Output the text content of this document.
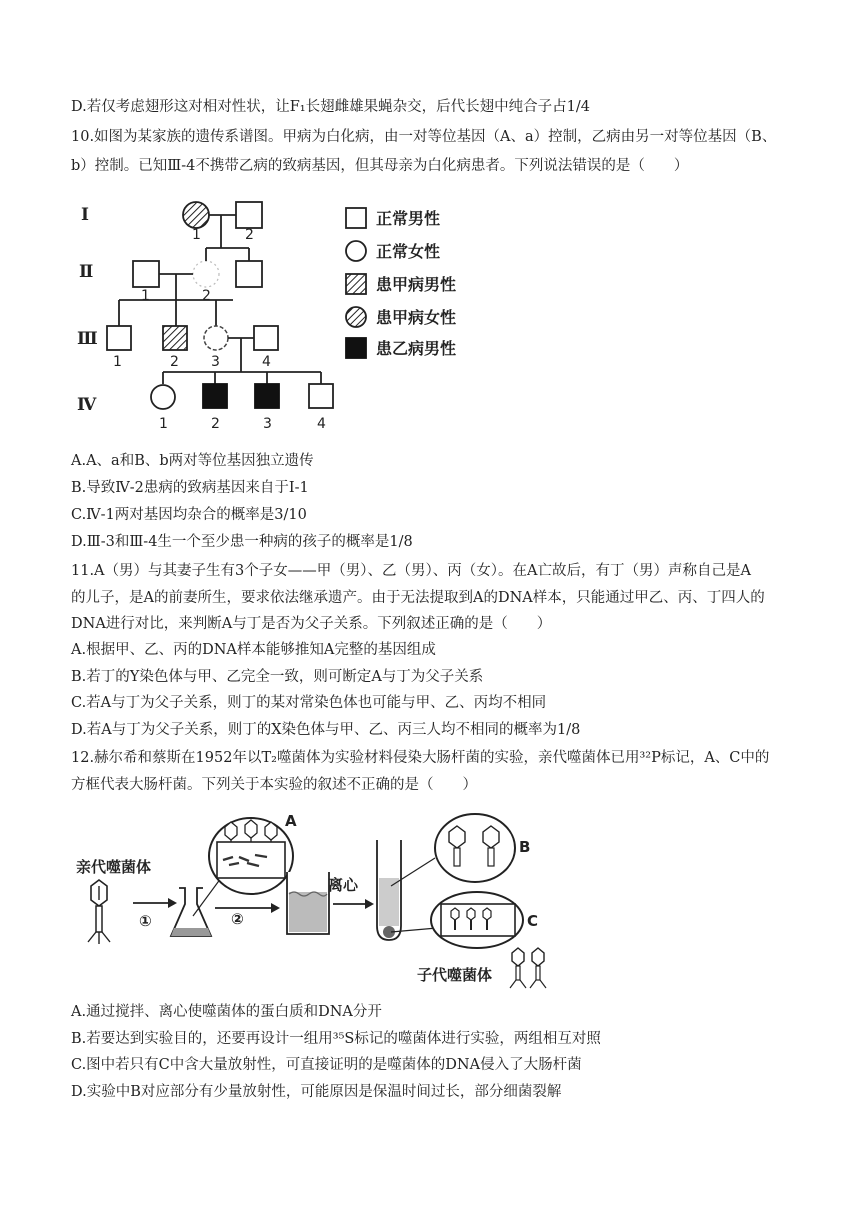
D.若仅考虑翅形这对相对性状，让F₁长翅雌雄果蝇杂交，后代长翅中纯合子占1/4
10.如图为某家族的遗传系谱图。甲病为白化病，由一对等位基因（A、a）控制，乙病由另一对等位基因（B、
b）控制。已知Ⅲ-4不携带乙病的致病基因，但其母亲为白化病患者。下列说法错误的是（　　）
Ⅰ
Ⅱ
Ⅲ
Ⅳ
1	2
1	2
1	2 3	4
1	2	3	4
正常男性
正常女性
患甲病男性
患甲病女性
患乙病男性
A.A、a和B、b两对等位基因独立遗传
B.导致Ⅳ-2患病的致病基因来自于Ⅰ-1
C.Ⅳ-1两对基因均杂合的概率是3/10
D.Ⅲ-3和Ⅲ-4生一个至少患一种病的孩子的概率是1/8
11.A（男）与其妻子生有3个子女——甲（男）、乙（男）、丙（女）。在A亡故后，有丁（男）声称自己是A
的儿子，是A的前妻所生，要求依法继承遗产。由于无法提取到A的DNA样本，只能通过甲乙、丙、丁四人的
DNA进行对比，来判断A与丁是否为父子关系。下列叙述正确的是（　　）
A.根据甲、乙、丙的DNA样本能够推知A完整的基因组成
B.若丁的Y染色体与甲、乙完全一致，则可断定A与丁为父子关系
C.若A与丁为父子关系，则丁的某对常染色体也可能与甲、乙、丙均不相同
D.若A与丁为父子关系，则丁的X染色体与甲、乙、丙三人均不相同的概率为1/8
12.赫尔希和蔡斯在1952年以T₂噬菌体为实验材料侵染大肠杆菌的实验，亲代噬菌体已用³²P标记，A、C中的
方框代表大肠杆菌。下列关于本实验的叙述不正确的是（　　）
亲代噬菌体
①
A
②
离心
B
C
子代噬菌体
A.通过搅拌、离心使噬菌体的蛋白质和DNA分开
B.若要达到实验目的，还要再设计一组用³⁵S标记的噬菌体进行实验，两组相互对照
C.图中若只有C中含大量放射性，可直接证明的是噬菌体的DNA侵入了大肠杆菌
D.实验中B对应部分有少量放射性，可能原因是保温时间过长，部分细菌裂解
